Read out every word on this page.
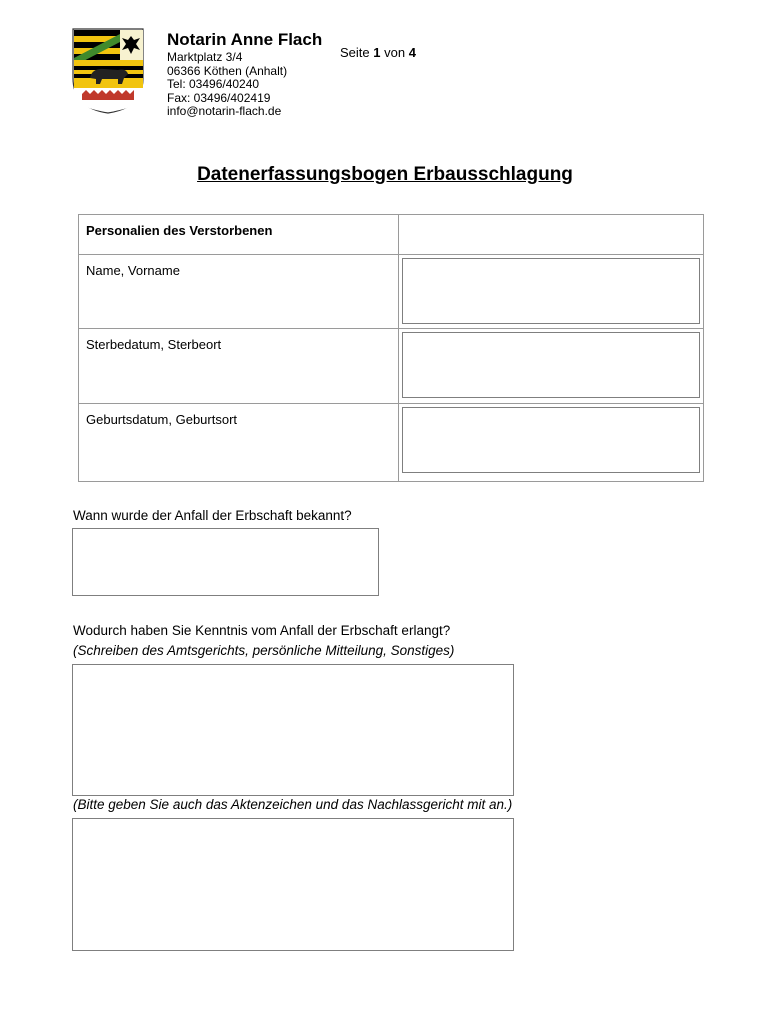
Notarin Anne Flach
Marktplatz 3/4
06366 Köthen (Anhalt)
Tel: 03496/40240
Fax: 03496/402419
info@notarin-flach.de
Seite 1 von 4
Datenerfassungsbogen Erbausschlagung
Personalien des Verstorbenen	
Name, Vorname	

Sterbedatum, Sterbeort	

Geburtsdatum, Geburtsort	
Wann wurde der Anfall der Erbschaft bekannt?
Wodurch haben Sie Kenntnis vom Anfall der Erbschaft erlangt?
(Schreiben des Amtsgerichts, persönliche Mitteilung, Sonstiges)
(Bitte geben Sie auch das Aktenzeichen und das Nachlassgericht mit an.)
